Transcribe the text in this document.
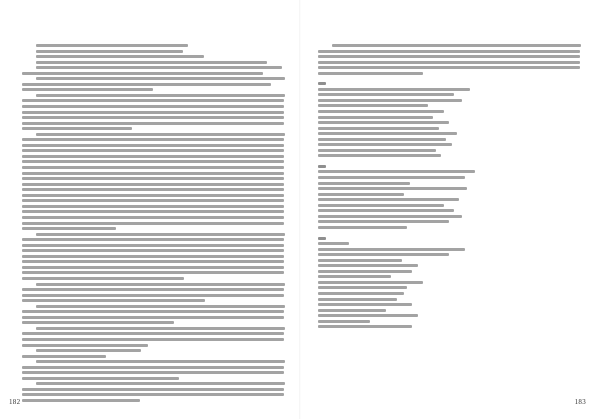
182	183
